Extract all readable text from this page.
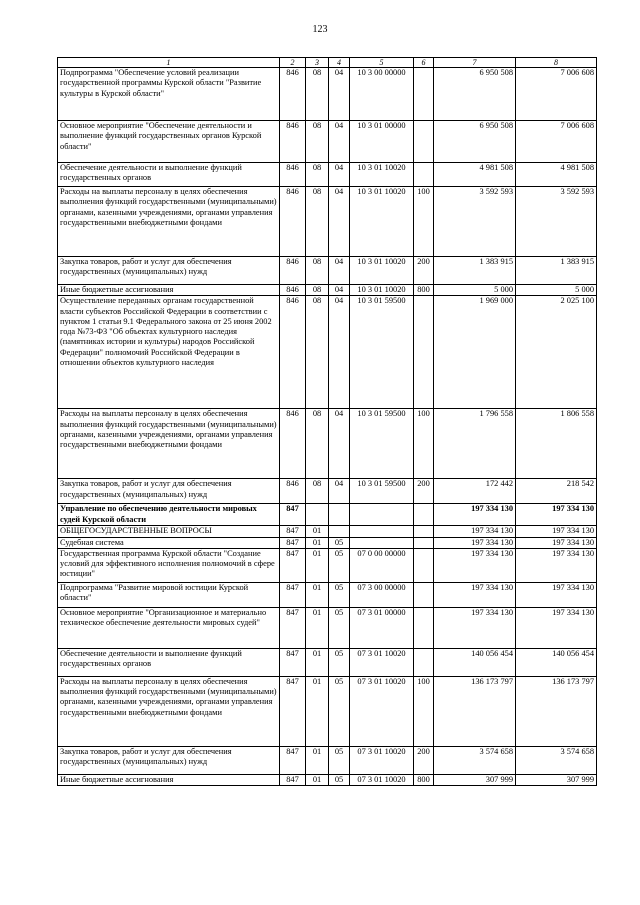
123
1	2	3	4	5	6	7	8
Подпрограмма "Обеспечение условий реализации государственной программы Курской области "Развитие культуры в Курской области"	846	08	04	10 3 00 00000		6 950 508	7 006 608
Основное мероприятие "Обеспечение деятельности и выполнение функций государственных органов Курской области"	846	08	04	10 3 01 00000		6 950 508	7 006 608
Обеспечение деятельности и выполнение функций государственных органов	846	08	04	10 3 01 10020		4 981 508	4 981 508
Расходы на выплаты персоналу в целях обеспечения выполнения функций государственными (муниципальными) органами, казенными учреждениями, органами управления государственными внебюджетными фондами	846	08	04	10 3 01 10020	100	3 592 593	3 592 593
Закупка товаров, работ и услуг для обеспечения государственных (муниципальных) нужд	846	08	04	10 3 01 10020	200	1 383 915	1 383 915
Иные бюджетные ассигнования	846	08	04	10 3 01 10020	800	5 000	5 000
Осуществление переданных органам государственной власти субъектов Российской Федерации в соответствии с пунктом 1 статьи 9.1 Федерального закона от 25 июня 2002 года №73-ФЗ "Об объектах культурного наследия (памятниках истории и культуры) народов Российской Федерации" полномочий Российской Федерации в отношении объектов культурного наследия	846	08	04	10 3 01 59500		1 969 000	2 025 100
Расходы на выплаты персоналу в целях обеспечения выполнения функций государственными (муниципальными) органами, казенными учреждениями, органами управления государственными внебюджетными фондами	846	08	04	10 3 01 59500	100	1 796 558	1 806 558
Закупка товаров, работ и услуг для обеспечения государственных (муниципальных) нужд	846	08	04	10 3 01 59500	200	172 442	218 542
Управление по обеспечению деятельности мировых судей Курской области	847					197 334 130	197 334 130
ОБЩЕГОСУДАРСТВЕННЫЕ ВОПРОСЫ	847	01				197 334 130	197 334 130
Судебная система	847	01	05			197 334 130	197 334 130
Государственная программа Курской области "Создание условий для эффективного исполнения полномочий в сфере юстиции"	847	01	05	07 0 00 00000		197 334 130	197 334 130
Подпрограмма "Развитие мировой юстиции Курской области"	847	01	05	07 3 00 00000		197 334 130	197 334 130
Основное мероприятие "Организационное и материально техническое обеспечение деятельности мировых судей"	847	01	05	07 3 01 00000		197 334 130	197 334 130
Обеспечение деятельности и выполнение функций государственных органов	847	01	05	07 3 01 10020		140 056 454	140 056 454
Расходы на выплаты персоналу в целях обеспечения выполнения функций государственными (муниципальными) органами, казенными учреждениями, органами управления государственными внебюджетными фондами	847	01	05	07 3 01 10020	100	136 173 797	136 173 797
Закупка товаров, работ и услуг для обеспечения государственных (муниципальных) нужд	847	01	05	07 3 01 10020	200	3 574 658	3 574 658
Иные бюджетные ассигнования	847	01	05	07 3 01 10020	800	307 999	307 999
